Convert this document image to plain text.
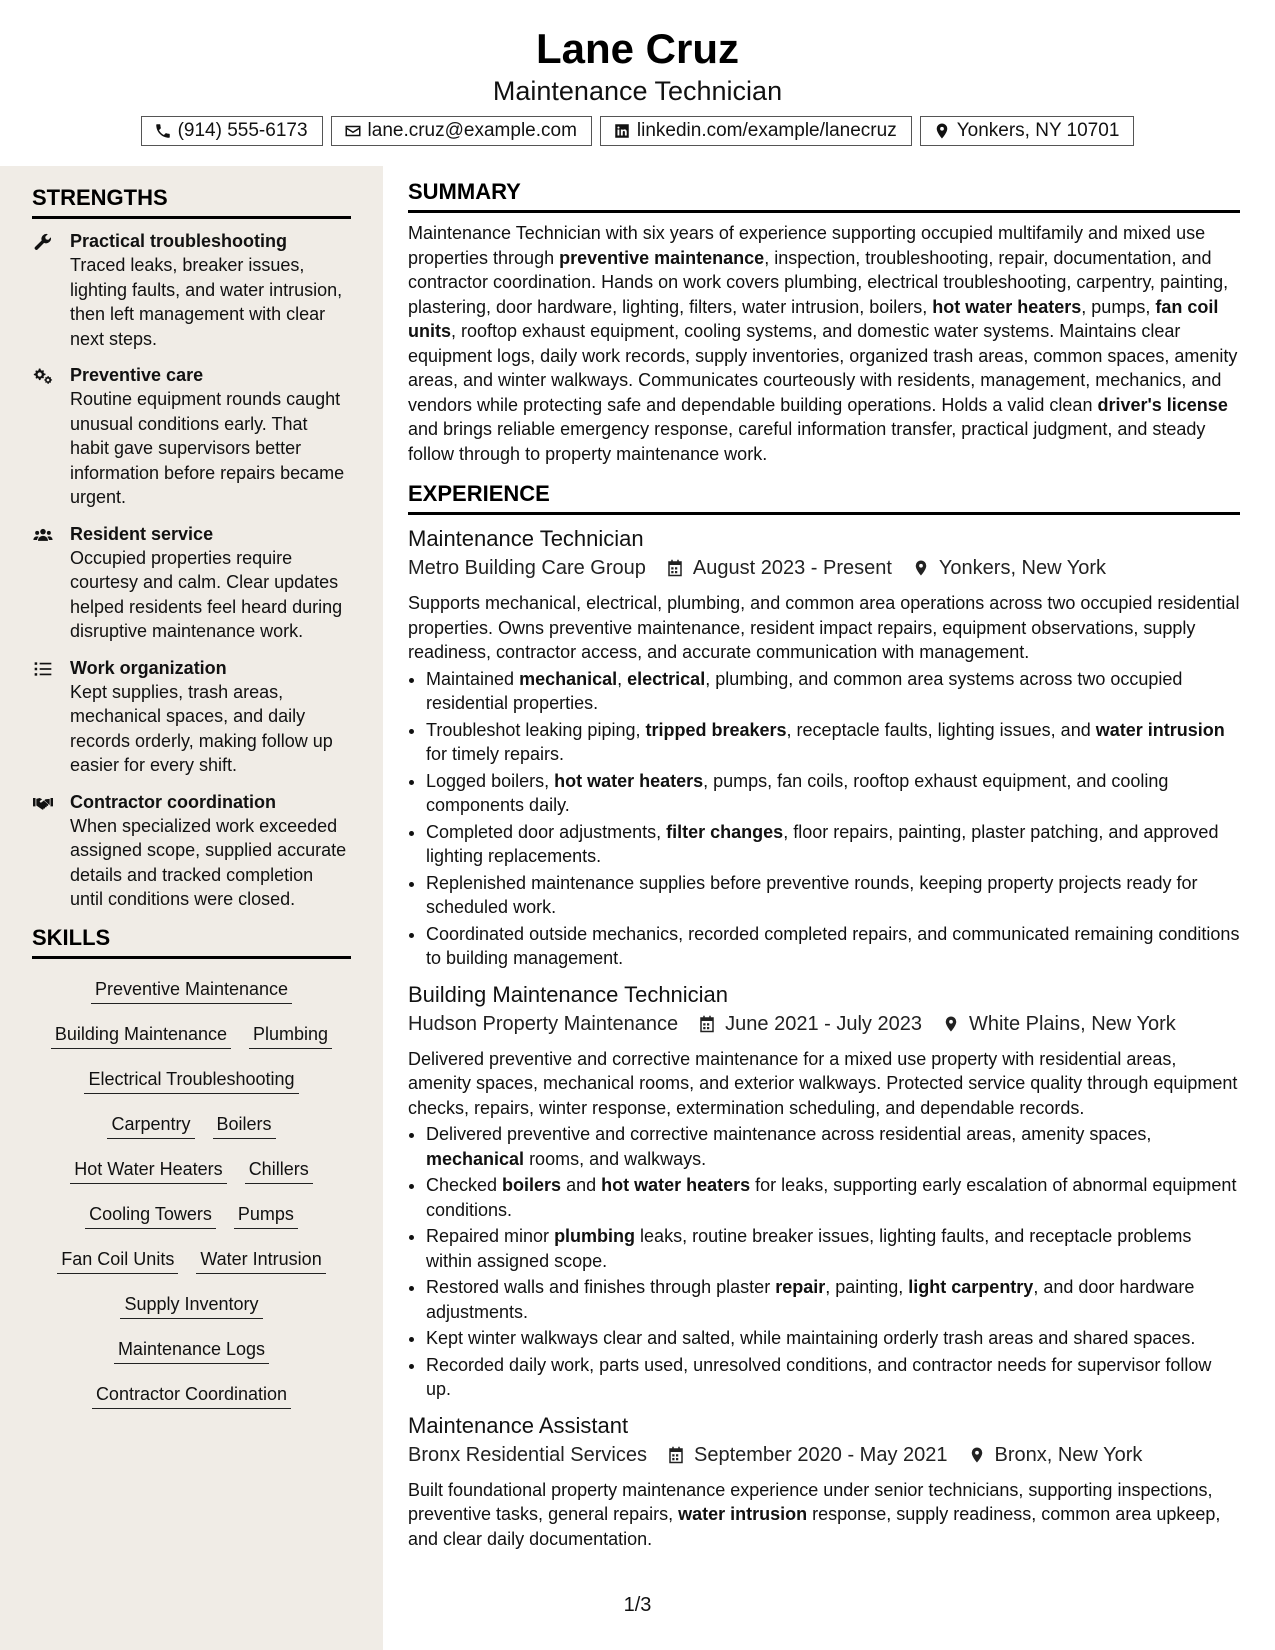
Lane Cruz
Maintenance Technician
(914) 555-6173	lane.cruz@example.com	linkedin.com/example/lanecruz	Yonkers, NY 10701
STRENGTHS
Practical troubleshooting
Traced leaks, breaker issues, lighting faults, and water intrusion, then left management with clear next steps.
Preventive care
Routine equipment rounds caught unusual conditions early. That habit gave supervisors better information before repairs became urgent.
Resident service
Occupied properties require courtesy and calm. Clear updates helped residents feel heard during disruptive maintenance work.
Work organization
Kept supplies, trash areas, mechanical spaces, and daily records orderly, making follow up easier for every shift.
Contractor coordination
When specialized work exceeded assigned scope, supplied accurate details and tracked completion until conditions were closed.
SKILLS
Preventive Maintenance
Building Maintenance Plumbing
Electrical Troubleshooting
Carpentry Boilers
Hot Water Heaters Chillers
Cooling Towers Pumps
Fan Coil Units Water Intrusion
Supply Inventory
Maintenance Logs
Contractor Coordination
SUMMARY

Maintenance Technician with six years of experience supporting occupied multifamily and mixed use properties through preventive maintenance, inspection, troubleshooting, repair, documentation, and contractor coordination. Hands on work covers plumbing, electrical troubleshooting, carpentry, painting, plastering, door hardware, lighting, filters, water intrusion, boilers, hot water heaters, pumps, fan coil units, rooftop exhaust equipment, cooling systems, and domestic water systems. Maintains clear equipment logs, daily work records, supply inventories, organized trash areas, common spaces, amenity areas, and winter walkways. Communicates courteously with residents, management, mechanics, and vendors while protecting safe and dependable building operations. Holds a valid clean driver's license and brings reliable emergency response, careful information transfer, practical judgment, and steady follow through to property maintenance work.

EXPERIENCE
Maintenance Technician
Metro Building Care Group August 2023 - Present Yonkers, New York
Supports mechanical, electrical, plumbing, and common area operations across two occupied residential properties. Owns preventive maintenance, resident impact repairs, equipment observations, supply readiness, contractor access, and accurate communication with management.
• Maintained mechanical, electrical, plumbing, and common area systems across two occupied residential properties.
• Troubleshot leaking piping, tripped breakers, receptacle faults, lighting issues, and water intrusion for timely repairs.
• Logged boilers, hot water heaters, pumps, fan coils, rooftop exhaust equipment, and cooling components daily.
• Completed door adjustments, filter changes, floor repairs, painting, plaster patching, and approved lighting replacements.
• Replenished maintenance supplies before preventive rounds, keeping property projects ready for scheduled work.
• Coordinated outside mechanics, recorded completed repairs, and communicated remaining conditions to building management.
Building Maintenance Technician
Hudson Property Maintenance June 2021 - July 2023 White Plains, New York
Delivered preventive and corrective maintenance for a mixed use property with residential areas, amenity spaces, mechanical rooms, and exterior walkways. Protected service quality through equipment checks, repairs, winter response, extermination scheduling, and dependable records.
• Delivered preventive and corrective maintenance across residential areas, amenity spaces, mechanical rooms, and walkways.
• Checked boilers and hot water heaters for leaks, supporting early escalation of abnormal equipment conditions.
• Repaired minor plumbing leaks, routine breaker issues, lighting faults, and receptacle problems within assigned scope.
• Restored walls and finishes through plaster repair, painting, light carpentry, and door hardware adjustments.
• Kept winter walkways clear and salted, while maintaining orderly trash areas and shared spaces.
• Recorded daily work, parts used, unresolved conditions, and contractor needs for supervisor follow up.
Maintenance Assistant
Bronx Residential Services September 2020 - May 2021 Bronx, New York
Built foundational property maintenance experience under senior technicians, supporting inspections, preventive tasks, general repairs, water intrusion response, supply readiness, common area upkeep, and clear daily documentation.
1/3
